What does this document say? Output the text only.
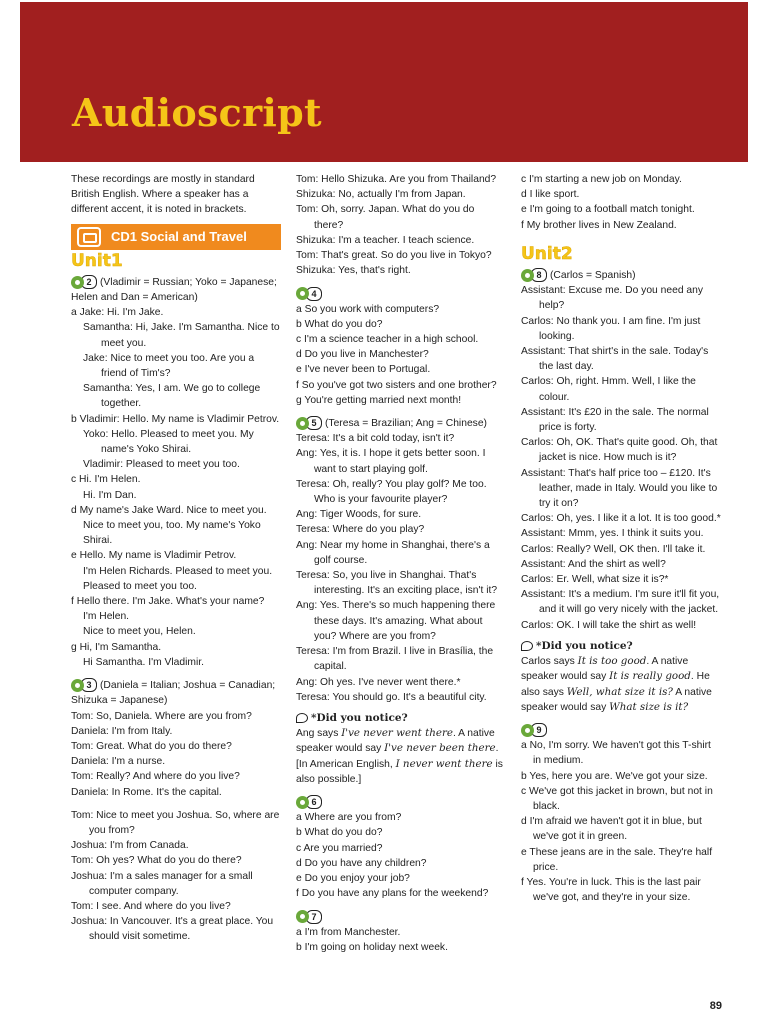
Audioscript

These recordings are mostly in standard British English. Where a speaker has a different accent, it is noted in brackets.

CD1 Social and Travel
Unit1
2 (Vladimir = Russian; Yoko = Japanese; Helen and Dan = American)
a Jake: Hi. I'm Jake.
Samantha: Hi, Jake. I'm Samantha. Nice to meet you.
Jake: Nice to meet you too. Are you a friend of Tim's?
Samantha: Yes, I am. We go to college together.
b Vladimir: Hello. My name is Vladimir Petrov.
Yoko: Hello. Pleased to meet you. My name's Yoko Shirai.
Vladimir: Pleased to meet you too.
c Hi. I'm Helen.
Hi. I'm Dan.
d My name's Jake Ward. Nice to meet you.
Nice to meet you, too. My name's Yoko Shirai.
e Hello. My name is Vladimir Petrov.
I'm Helen Richards. Pleased to meet you.
Pleased to meet you too.
f Hello there. I'm Jake. What's your name?
I'm Helen.
Nice to meet you, Helen.
g Hi, I'm Samantha.
Hi Samantha. I'm Vladimir.
3 (Daniela = Italian; Joshua = Canadian; Shizuka = Japanese)
Tom: So, Daniela. Where are you from?
Daniela: I'm from Italy.
Tom: Great. What do you do there?
Daniela: I'm a nurse.
Tom: Really? And where do you live?
Daniela: In Rome. It's the capital.
Tom: Nice to meet you Joshua. So, where are you from?
Joshua: I'm from Canada.
Tom: Oh yes? What do you do there?
Joshua: I'm a sales manager for a small computer company.
Tom: I see. And where do you live?
Joshua: In Vancouver. It's a great place. You should visit sometime.
Tom: Hello Shizuka. Are you from Thailand?
Shizuka: No, actually I'm from Japan.
Tom: Oh, sorry. Japan. What do you do there?
Shizuka: I'm a teacher. I teach science.
Tom: That's great. So do you live in Tokyo?
Shizuka: Yes, that's right.
4
a So you work with computers?
b What do you do?
c I'm a science teacher in a high school.
d Do you live in Manchester?
e I've never been to Portugal.
f So you've got two sisters and one brother?
g You're getting married next month!
5 (Teresa = Brazilian; Ang = Chinese)
Teresa: It's a bit cold today, isn't it?
Ang: Yes, it is. I hope it gets better soon. I want to start playing golf.
Teresa: Oh, really? You play golf? Me too. Who is your favourite player?
Ang: Tiger Woods, for sure.
Teresa: Where do you play?
Ang: Near my home in Shanghai, there's a golf course.
Teresa: So, you live in Shanghai. That's interesting. It's an exciting place, isn't it?
Ang: Yes. There's so much happening there these days. It's amazing. What about you? Where are you from?
Teresa: I'm from Brazil. I live in Brasília, the capital.
Ang: Oh yes. I've never went there.*
Teresa: You should go. It's a beautiful city.
*Did you notice?
Ang says I've never went there. A native speaker would say I've never been there. [In American English, I never went there is also possible.]
6
a Where are you from?
b What do you do?
c Are you married?
d Do you have any children?
e Do you enjoy your job?
f Do you have any plans for the weekend?
7
a I'm from Manchester.
b I'm going on holiday next week.
c I'm starting a new job on Monday.
d I like sport.
e I'm going to a football match tonight.
f My brother lives in New Zealand.
Unit2
8 (Carlos = Spanish)
Assistant: Excuse me. Do you need any help?
Carlos: No thank you. I am fine. I'm just looking.
Assistant: That shirt's in the sale. Today's the last day.
Carlos: Oh, right. Hmm. Well, I like the colour.
Assistant: It's £20 in the sale. The normal price is forty.
Carlos: Oh, OK. That's quite good. Oh, that jacket is nice. How much is it?
Assistant: That's half price too – £120. It's leather, made in Italy. Would you like to try it on?
Carlos: Oh, yes. I like it a lot. It is too good.*
Assistant: Mmm, yes. I think it suits you.
Carlos: Really? Well, OK then. I'll take it.
Assistant: And the shirt as well?
Carlos: Er. Well, what size it is?*
Assistant: It's a medium. I'm sure it'll fit you, and it will go very nicely with the jacket.
Carlos: OK. I will take the shirt as well!
*Did you notice?
Carlos says It is too good. A native speaker would say It is really good. He also says Well, what size it is? A native speaker would say What size is it?
9
a No, I'm sorry. We haven't got this T-shirt in medium.
b Yes, here you are. We've got your size.
c We've got this jacket in brown, but not in black.
d I'm afraid we haven't got it in blue, but we've got it in green.
e These jeans are in the sale. They're half price.
f Yes. You're in luck. This is the last pair we've got, and they're in your size.
89
